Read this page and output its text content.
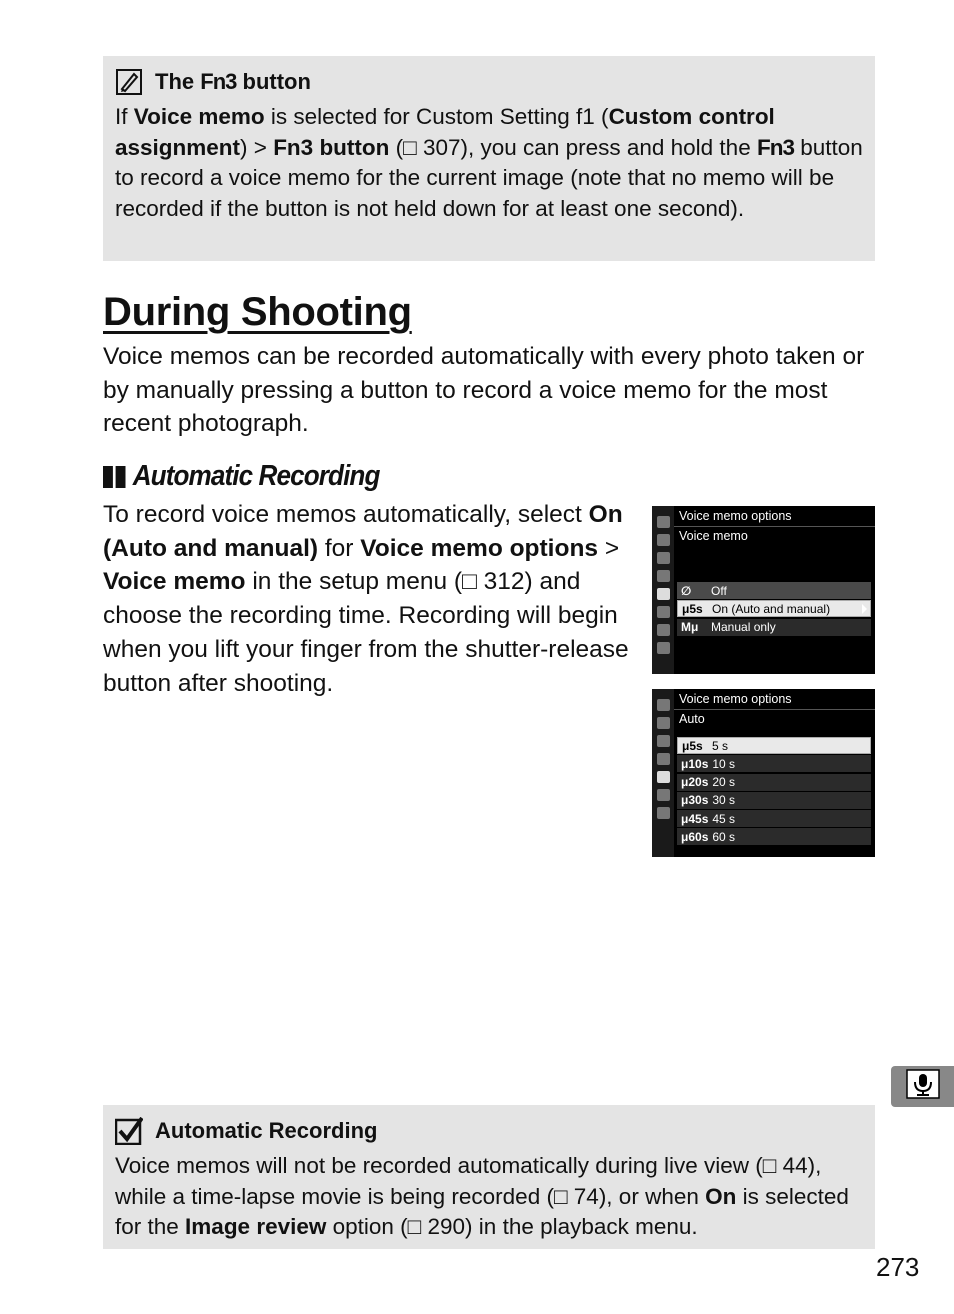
The Fn3 button

If Voice memo is selected for Custom Setting f1 (Custom control assignment) > Fn3 button (□ 307), you can press and hold the Fn3 button to record a voice memo for the current image (note that no memo will be recorded if the button is not held down for at least one second).

During Shooting

Voice memos can be recorded automatically with every photo taken or by manually pressing a button to record a voice memo for the most recent photograph.

Automatic Recording

To record voice memos automatically, select On (Auto and manual) for Voice memo options > Voice memo in the setup menu (□ 312) and choose the recording time. Recording will begin when you lift your finger from the shutter-release button after shooting.

Voice memo options
Voice memo
∅	Off
μ5s On (Auto and manual)
Mμ	Manual only
Voice memo options
Auto
μ5s 5 s
μ10s 10 s
μ20s 20 s
μ30s 30 s
μ45s 45 s
μ60s 60 s
Automatic Recording

Voice memos will not be recorded automatically during live view (□ 44), while a time-lapse movie is being recorded (□ 74), or when On is selected for the Image review option (□ 290) in the playback menu.

273
